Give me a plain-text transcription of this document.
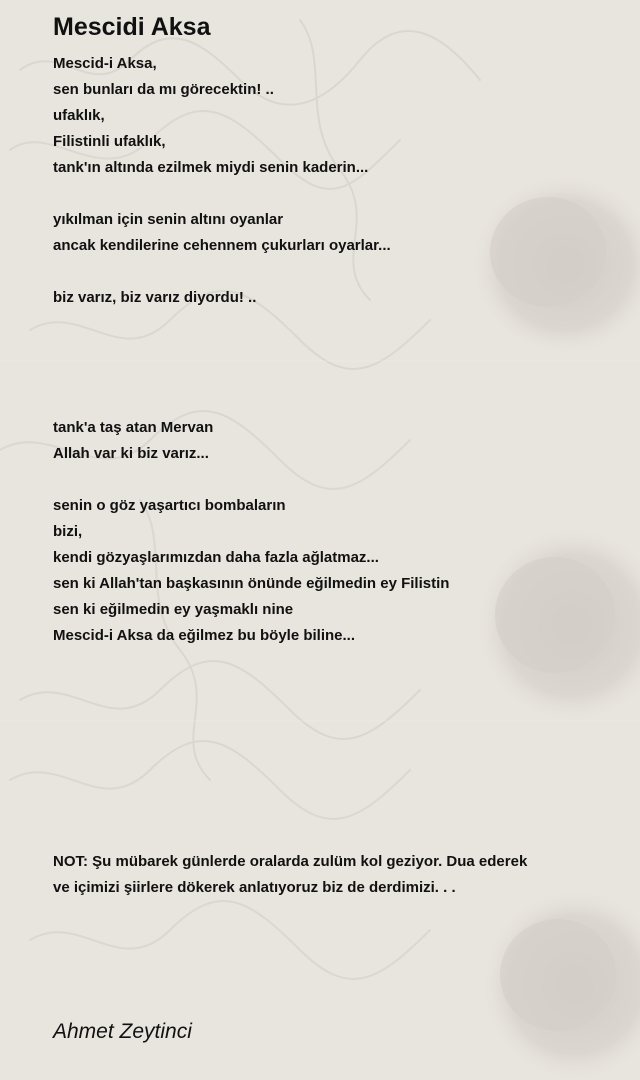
Mescidi Aksa
Mescid-i Aksa,
sen bunları da mı görecektin! ..
ufaklık,
Filistinli ufaklık,
tank'ın altında ezilmek miydi senin kaderin...
yıkılman için senin altını oyanlar
ancak kendilerine cehennem çukurları oyarlar...
biz varız, biz varız diyordu! ..
tank'a taş atan Mervan
Allah var ki biz varız...
senin o göz yaşartıcı bombaların
bizi,
kendi gözyaşlarımızdan daha fazla ağlatmaz...
sen ki Allah'tan başkasının önünde eğilmedin ey Filistin
sen ki eğilmedin ey yaşmaklı nine
Mescid-i Aksa da eğilmez bu böyle biline...
NOT: Şu mübarek günlerde oralarda zulüm kol geziyor. Dua ederek
ve içimizi şiirlere dökerek anlatıyoruz biz de derdimizi. . .
Ahmet Zeytinci
